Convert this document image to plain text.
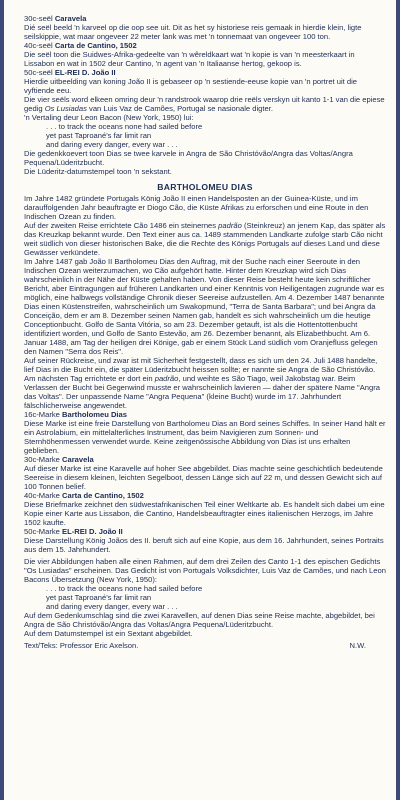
30c-seël Caravela

Dié seël beeld 'n karveel op die oop see uit. Dit as het sy historiese reis gemaak in hierdie klein, ligte seilskippie, wat maar ongeveer 22 meter lank was met 'n tonnemaat van ongeveer 100 ton.

40c-seël Carta de Cantino, 1502

Die seël toon die Suidwes-Afrika-gedeelte van 'n wêreldkaart wat 'n kopie is van 'n meesterkaart in Lissabon en wat in 1502 deur Cantino, 'n agent van 'n Italiaanse hertog, gekoop is.

50c-seël EL-REI D. João II

Hierdie uitbeelding van koning João II is gebaseer op 'n sestiende-eeuse kopie van 'n portret uit die vyftiende eeu.

Die vier seëls word elkeen omring deur 'n randstrook waarop drie reëls verskyn uit kanto 1-1 van die epiese gedig Os Lusiadas van Luis Vaz de Camões, Portugal se nasionale digter.

'n Vertaling deur Leon Bacon (New York, 1950) lui:

. . . to track the oceans none had sailed before

yet past Taproané's far limit ran

and daring every danger, every war . . .

Die gedenkkoevert toon Dias se twee karvele in Angra de São Christóvão/Angra das Voltas/Angra Pequena/Lüderitzbucht.

Die Lüderitz-datumstempel toon 'n sekstant.

BARTHOLOMEU DIAS

Im Jahre 1482 gründete Portugals König João II einen Handelsposten an der Guinea-Küste, und im darauffolgenden Jahr beauftragte er Diogo Cão, die Küste Afrikas zu erforschen und eine Route in den Indischen Ozean zu finden.

Auf der zweiten Reise errichtete Cão 1486 ein steinernes padrão (Steinkreuz) an jenem Kap, das später als das Kreuzkap bekannt wurde. Den Text einer aus ca. 1489 stammenden Landkarte zufolge starb Cão nicht weit südlich von dieser historischen Bake, die die Rechte des Königs Portugals auf dieses Land und diese Gewässer verkündete.

Im Jahre 1487 gab João II Bartholomeu Dias den Auftrag, mit der Suche nach einer Seeroute in den Indischen Ozean weiterzumachen, wo Cão aufgehört hatte. Hinter dem Kreuzkap wird sich Dias wahrscheinlich in der Nähe der Küste gehalten haben. Von dieser Reise besteht heute kein schriftlicher Bericht, aber Eintragungen auf früheren Landkarten und einer Kenntnis von Heiligentagen zugrunde war es möglich, eine halbwegs vollständige Chronik dieser Seereise aufzustellen. Am 4. Dezember 1487 benannte Dias einen Küstenstreifen, wahrscheinlich um Swakopmund, "Terra de Santa Barbara"; und bei Angra da Conceição, dem er am 8. Dezember seinen Namen gab, handelt es sich wahrscheinlich um die heutige Conceptionbucht. Golfo de Santa Vitória, so am 23. Dezember getauft, ist als die Hottentottenbucht identifiziert worden, und Golfo de Santo Estevão, am 26. Dezember benannt, als Elizabethbucht. Am 6. Januar 1488, am Tag der heiligen drei Könige, gab er einem Stück Land südlich vom Oranjefluss gelegen den Namen "Serra dos Reis".

Auf seiner Rückreise, und zwar ist mit Sicherheit festgestellt, dass es sich um den 24. Juli 1488 handelte, lief Dias in die Bucht ein, die später Lüderitzbucht heissen sollte; er nannte sie Angra de São Christóvão. Am nächsten Tag errichtete er dort ein padrão, und weihte es São Tiago, weil Jakobstag war. Beim Verlassen der Bucht bei Gegenwind musste er wahrscheinlich lavieren — daher der spätere Name "Angra das Voltas". Der unpassende Name "Angra Pequena" (kleine Bucht) wurde im 17. Jahrhundert fälschlicherweise angewendet.

16c-Marke Bartholomeu Dias

Diese Marke ist eine freie Darstellung von Bartholomeu Dias an Bord seines Schiffes. In seiner Hand hält er ein Astrolabium, ein mittelalterliches Instrument, das beim Navigieren zum Sonnen- und Sternhöhenmessen verwendet wurde. Keine zeitgenössische Abbildung von Dias ist uns erhalten geblieben.

30c-Marke Caravela

Auf dieser Marke ist eine Karavelle auf hoher See abgebildet. Dias machte seine geschichtlich bedeutende Seereise in diesem kleinen, leichten Segelboot, dessen Länge sich auf 22 m, und dessen Gewicht sich auf 100 Tonnen belief.

40c-Marke Carta de Cantino, 1502

Diese Briefmarke zeichnet den südwestafrikanischen Teil einer Weltkarte ab. Es handelt sich dabei um eine Kopie einer Karte aus Lissabon, die Cantino, Handelsbeauftragter eines italienischen Herzogs, im Jahre 1502 kaufte.

50c-Marke EL-REI D. João II

Diese Darstellung König Joãos des II. beruft sich auf eine Kopie, aus dem 16. Jahrhundert, seines Portraits aus dem 15. Jahrhundert.

Die vier Abbildungen haben alle einen Rahmen, auf dem drei Zeilen des Canto 1-1 des epischen Gedichts "Os Lusiadas" erscheinen. Das Gedicht ist von Portugals Volksdichter, Luis Vaz de Camões, und nach Leon Bacons Übersetzung (New York, 1950):

. . . to track the oceans none had sailed before

yet past Taproané's far limit ran

and daring every danger, every war . . .

Auf dem Gedenkumschlag sind die zwei Karavellen, auf denen Dias seine Reise machte, abgebildet, bei Angra de São Christóvão/Angra das Voltas/Angra Pequena/Lüderitzbucht.

Auf dem Datumstempel ist ein Sextant abgebildet.

Text/Teks: Professor Eric Axelson.	N.W.
